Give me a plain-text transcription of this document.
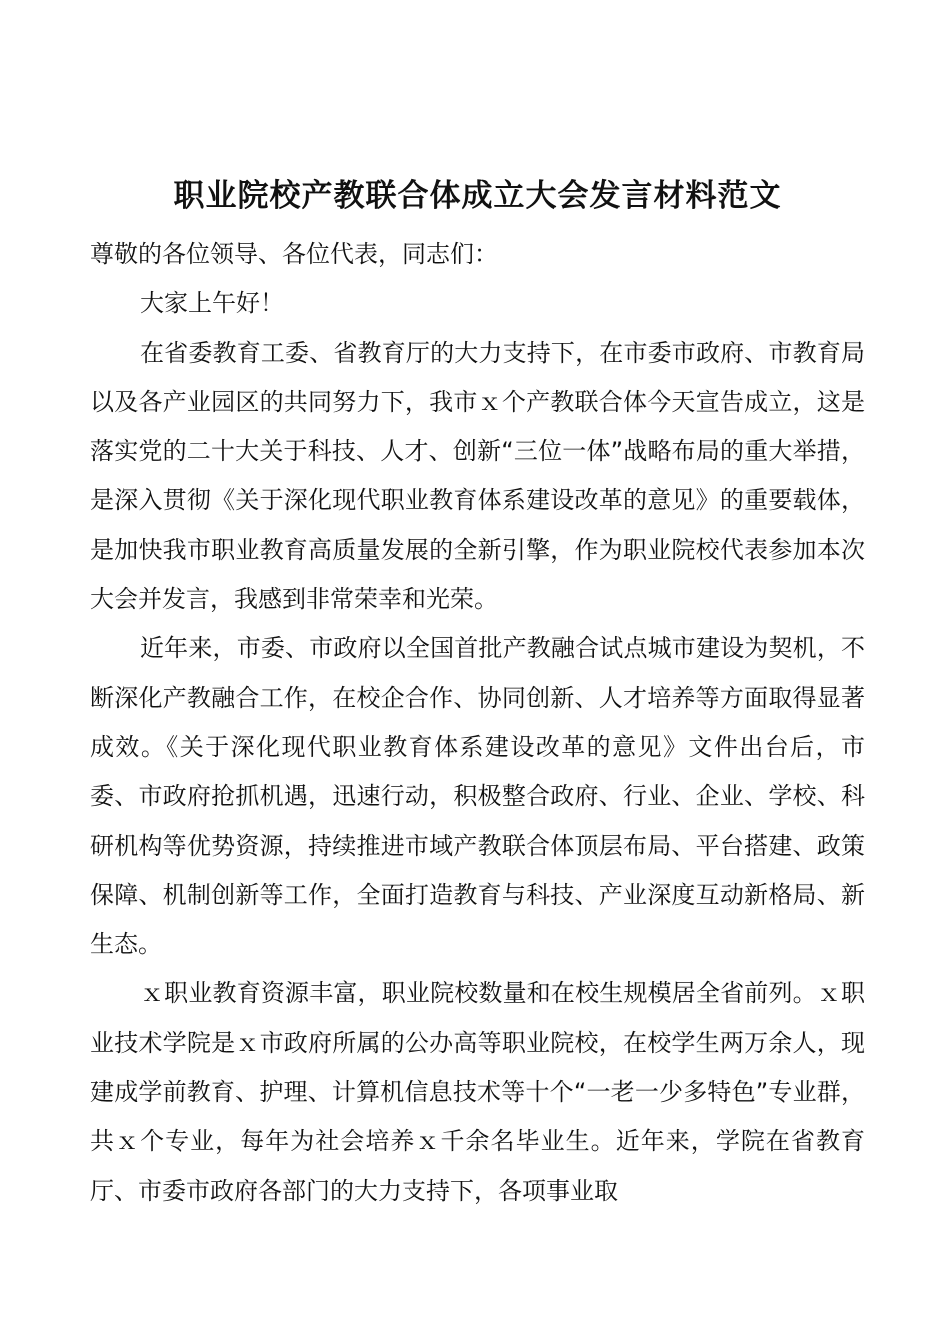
职业院校产教联合体成立大会发言材料范文

尊敬的各位领导、各位代表，同志们：

大家上午好！

在省委教育工委、省教育厅的大力支持下，在市委市政府、市教育局以及各产业园区的共同努力下，我市ｘ个产教联合体今天宣告成立，这是落实党的二十大关于科技、人才、创新“三位一体”战略布局的重大举措，是深入贯彻《关于深化现代职业教育体系建设改革的意见》的重要载体，是加快我市职业教育高质量发展的全新引擎，作为职业院校代表参加本次大会并发言，我感到非常荣幸和光荣。

近年来，市委、市政府以全国首批产教融合试点城市建设为契机，不断深化产教融合工作，在校企合作、协同创新、人才培养等方面取得显著成效。《关于深化现代职业教育体系建设改革的意见》文件出台后，市委、市政府抢抓机遇，迅速行动，积极整合政府、行业、企业、学校、科研机构等优势资源，持续推进市域产教联合体顶层布局、平台搭建、政策保障、机制创新等工作，全面打造教育与科技、产业深度互动新格局、新生态。

ｘ职业教育资源丰富，职业院校数量和在校生规模居全省前列。ｘ职业技术学院是ｘ市政府所属的公办高等职业院校，在校学生两万余人，现建成学前教育、护理、计算机信息技术等十个“一老一少多特色”专业群，共ｘ个专业，每年为社会培养ｘ千余名毕业生。近年来，学院在省教育厅、市委市政府各部门的大力支持下，各项事业取
